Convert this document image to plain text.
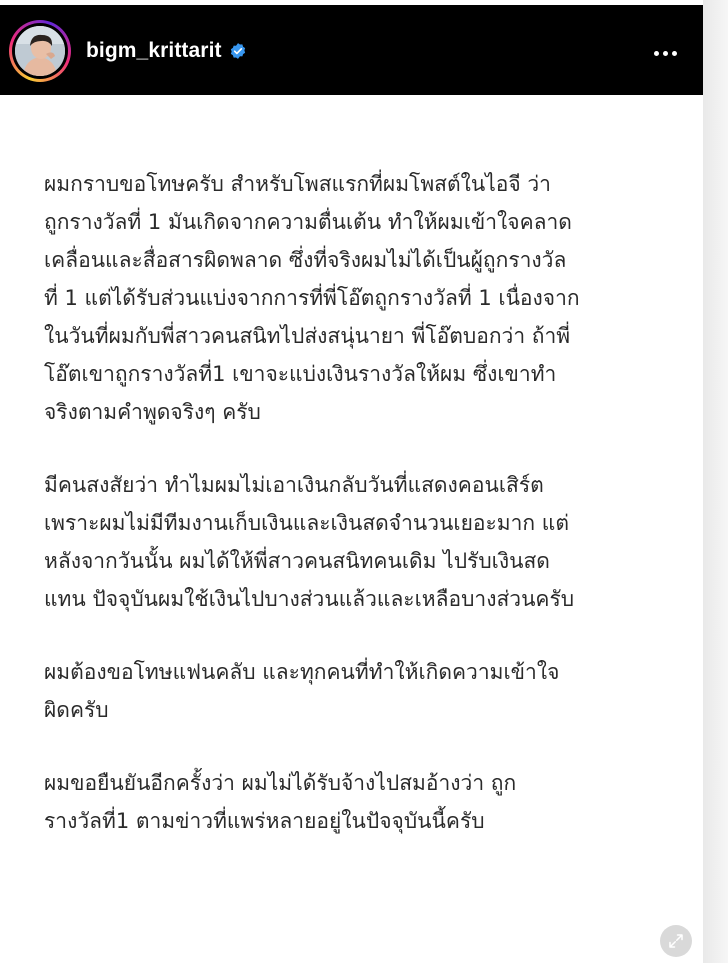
bigm_krittarit
ผมกราบขอโทษครับ สำหรับโพสแรกที่ผมโพสต์ในไอจี ว่า
ถูกรางวัลที่ 1 มันเกิดจากความตื่นเต้น ทำให้ผมเข้าใจคลาด
เคลื่อนและสื่อสารผิดพลาด ซึ่งที่จริงผมไม่ได้เป็นผู้ถูกรางวัล
ที่ 1 แต่ได้รับส่วนแบ่งจากการที่พี่โอ๊ตถูกรางวัลที่ 1 เนื่องจาก
ในวันที่ผมกับพี่สาวคนสนิทไปส่งสนุ่นายา พี่โอ๊ตบอกว่า ถ้าพี่
โอ๊ตเขาถูกรางวัลที่1 เขาจะแบ่งเงินรางวัลให้ผม ซึ่งเขาทำ
จริงตามคำพูดจริงๆ ครับ
มีคนสงสัยว่า ทำไมผมไม่เอาเงินกลับวันที่แสดงคอนเสิร์ต
เพราะผมไม่มีทีมงานเก็บเงินและเงินสดจำนวนเยอะมาก แต่
หลังจากวันนั้น ผมได้ให้พี่สาวคนสนิทคนเดิม ไปรับเงินสด
แทน ปัจจุบันผมใช้เงินไปบางส่วนแล้วและเหลือบางส่วนครับ
ผมต้องขอโทษแฟนคลับ และทุกคนที่ทำให้เกิดความเข้าใจ
ผิดครับ
ผมขอยืนยันอีกครั้งว่า ผมไม่ได้รับจ้างไปสมอ้างว่า ถูก
รางวัลที่1 ตามข่าวที่แพร่หลายอยู่ในปัจจุบันนี้ครับ
